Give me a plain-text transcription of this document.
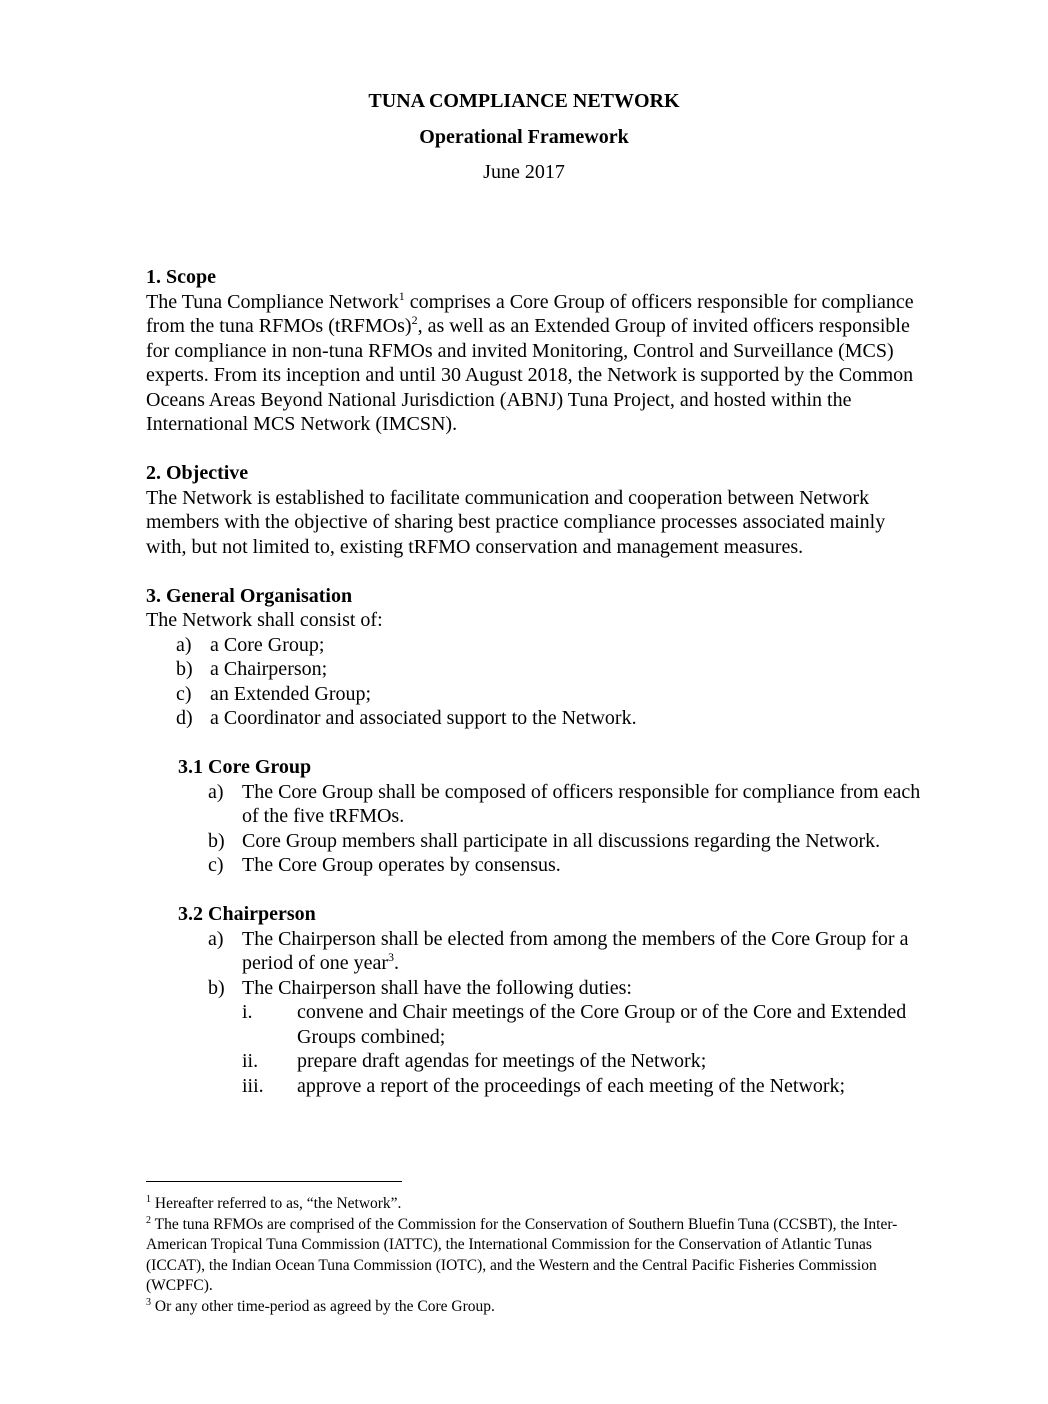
TUNA COMPLIANCE NETWORK
Operational Framework
June 2017

1. Scope

The Tuna Compliance Network$^1$ comprises a Core Group of officers responsible for compliance from the tuna RFMOs (tRFMOs)$^2$, as well as an Extended Group of invited officers responsible for compliance in non-tuna RFMOs and invited Monitoring, Control and Surveillance (MCS) experts. From its inception and until 30 August 2018, the Network is supported by the Common Oceans Areas Beyond National Jurisdiction (ABNJ) Tuna Project, and hosted within the International MCS Network (IMCSN).

2. Objective

The Network is established to facilitate communication and cooperation between Network members with the objective of sharing best practice compliance processes associated mainly with, but not limited to, existing tRFMO conservation and management measures.

3. General Organisation

The Network shall consist of:

a) a Core Group;
b) a Chairperson;
c) an Extended Group;
d) a Coordinator and associated support to the Network.

3.1 Core Group

a) The Core Group shall be composed of officers responsible for compliance from each of the five tRFMOs.
b) Core Group members shall participate in all discussions regarding the Network.
c) The Core Group operates by consensus.

3.2 Chairperson

a) The Chairperson shall be elected from among the members of the Core Group for a period of one year$^3$.
b) The Chairperson shall have the following duties:
i.	convene and Chair meetings of the Core Group or of the Core and Extended Groups combined;
ii.	prepare draft agendas for meetings of the Network;
iii.	approve a report of the proceedings of each meeting of the Network;

$^1$ Hereafter referred to as, “the Network”.

$^2$ The tuna RFMOs are comprised of the Commission for the Conservation of Southern Bluefin Tuna (CCSBT), the Inter-American Tropical Tuna Commission (IATTC), the International Commission for the Conservation of Atlantic Tunas (ICCAT), the Indian Ocean Tuna Commission (IOTC), and the Western and the Central Pacific Fisheries Commission (WCPFC).

$^3$ Or any other time-period as agreed by the Core Group.
